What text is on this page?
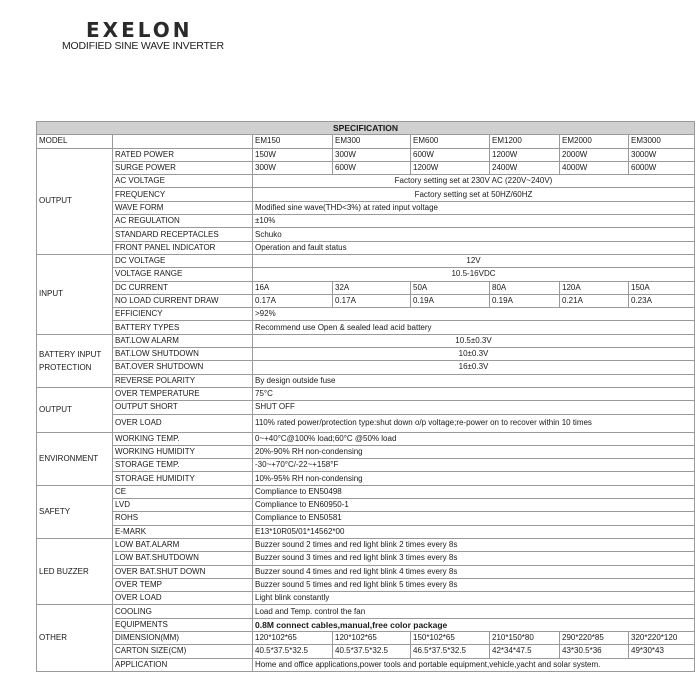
EXELON
MODIFIED SINE WAVE INVERTER
SPECIFICATION							
MODEL		EM150	EM300	EM600	EM1200	EM2000	EM3000
OUTPUT	RATED POWER	150W	300W	600W	1200W	2000W	3000W
	SURGE POWER	300W	600W	1200W	2400W	4000W	6000W
	AC VOLTAGE	Factory setting set at 230V AC (220V~240V)					
	FREQUENCY	Factory setting set at 50HZ/60HZ					
	WAVE FORM	Modified sine wave(THD<3%) at rated input voltage					
	AC REGULATION	±10%					
	STANDARD RECEPTACLES	Schuko					
	FRONT PANEL INDICATOR	Operation and fault status					
INPUT	DC VOLTAGE	12V					
	VOLTAGE RANGE	10.5-16VDC					
	DC CURRENT	16A	32A	50A	80A	120A	150A
	NO LOAD CURRENT DRAW	0.17A	0.17A	0.19A	0.19A	0.21A	0.23A
	EFFICIENCY	>92%					
	BATTERY TYPES	Recommend use Open & sealed lead acid battery					
BATTERY INPUT PROTECTION	BAT.LOW ALARM	10.5±0.3V					
	BAT.LOW SHUTDOWN	10±0.3V					
	BAT.OVER SHUTDOWN	16±0.3V					
	REVERSE POLARITY	By design outside fuse					
OUTPUT	OVER TEMPERATURE	75°C					
	OUTPUT SHORT	SHUT OFF					
	OVER LOAD	110% rated power/protection type:shut down o/p voltage;re-power on to recover within 10 times					
ENVIRONMENT	WORKING TEMP.	0~+40°C@100% load;60°C @50% load					
	WORKING HUMIDITY	20%-90% RH non-condensing					
	STORAGE TEMP.	-30~+70°C/-22~+158°F					
	STORAGE HUMIDITY	10%-95% RH non-condensing					
SAFETY	CE	Compliance to EN50498					
	LVD	Compliance to EN60950-1					
	ROHS	Compliance to EN50581					
	E-MARK	E13*10R05/01*14562*00					
LED BUZZER	LOW BAT.ALARM	Buzzer sound 2 times and red light blink 2 times every 8s					
	LOW BAT.SHUTDOWN	Buzzer sound 3 times and red light blink 3 times every 8s					
	OVER BAT.SHUT DOWN	Buzzer sound 4 times and red light blink 4 times every 8s					
	OVER TEMP	Buzzer sound 5 times and red light blink 5 times every 8s					
	OVER LOAD	Light blink constantly					
OTHER	COOLING	Load and Temp. control the fan					
	EQUIPMENTS	0.8M connect cables,manual,free color package					
	DIMENSION(MM)	120*102*65	120*102*65	150*102*65	210*150*80	290*220*85	320*220*120
	CARTON SIZE(CM)	40.5*37.5*32.5	40.5*37.5*32.5	46.5*37.5*32.5	42*34*47.5	43*30.5*36	49*30*43
	APPLICATION	Home and office applications,power tools and portable equipment,vehicle,yacht and solar system.					
